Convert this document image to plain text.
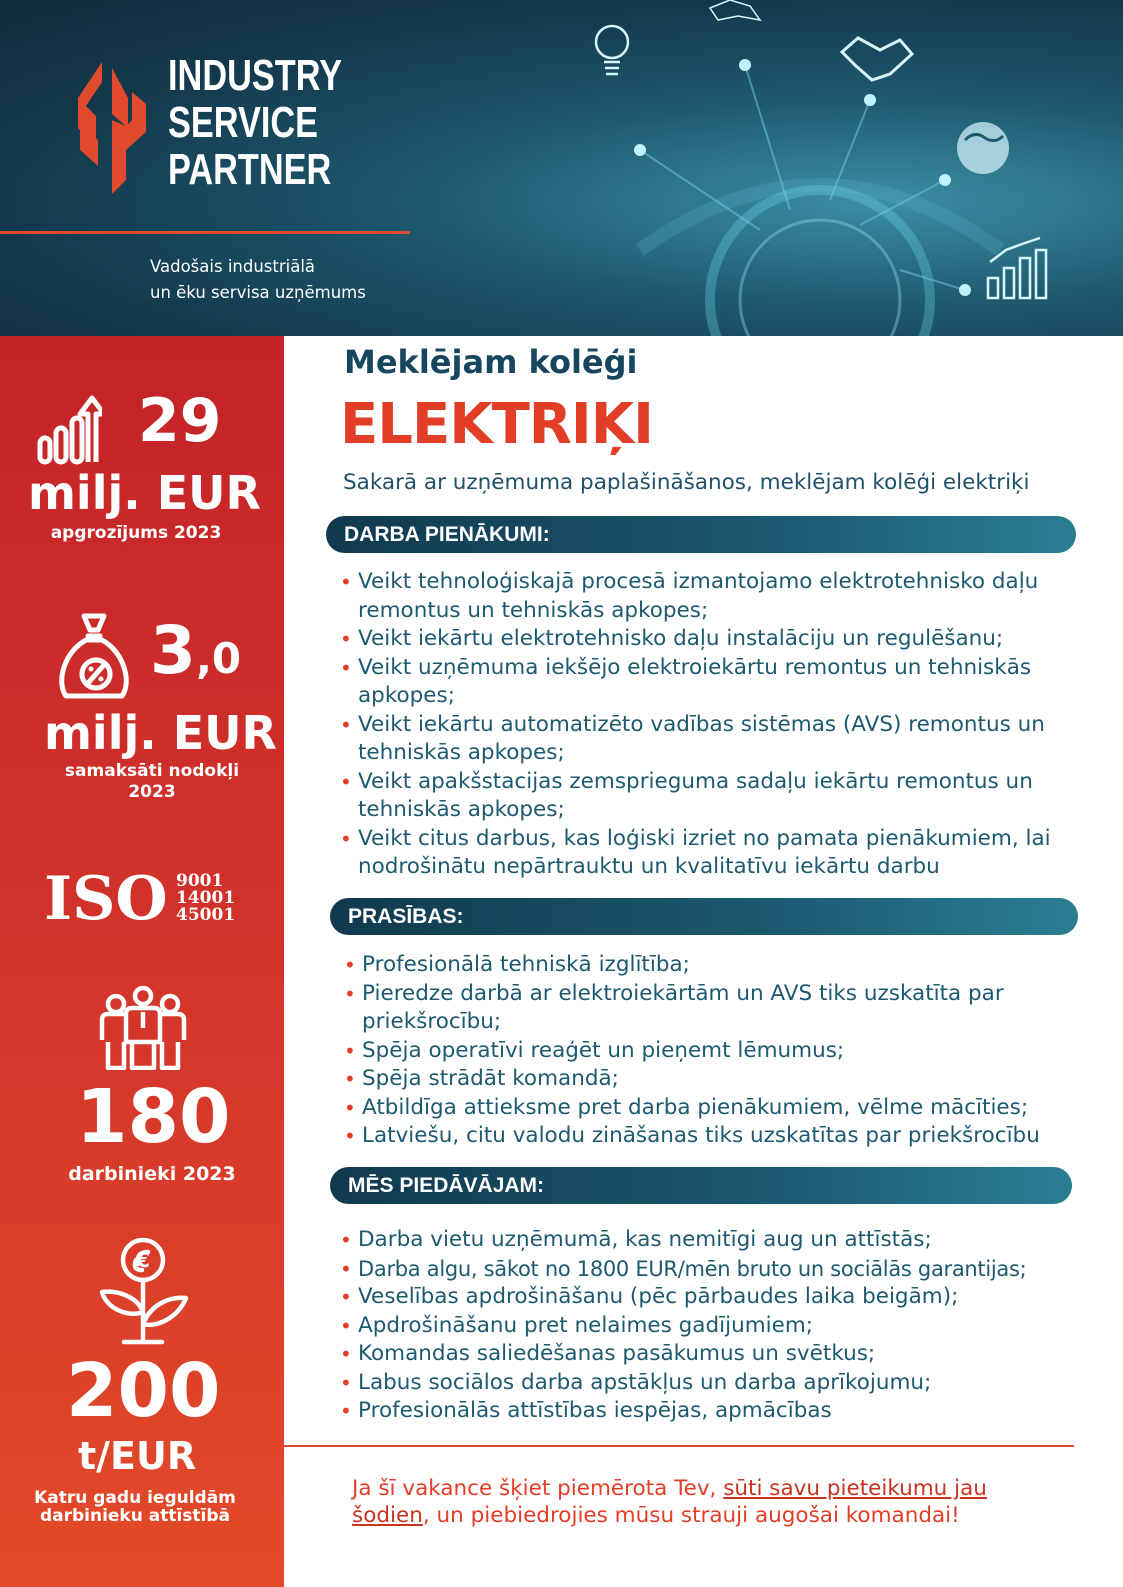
INDUSTRY
SERVICE
PARTNER
Vadošais industriālā
un ēku servisa uzņēmums
29
milj. EUR
apgrozījums 2023
3,0
milj. EUR
samaksāti nodokļi
2023
ISO 9001
14001
45001
180
darbinieki 2023
€
200
t/EUR
Katru gadu ieguldām
darbinieku attīstībā
Meklējam kolēģi
ELEKTRIĶI
Sakarā ar uzņēmuma paplašināšanos, meklējam kolēģi elektriķi
DARBA PIENĀKUMI:
• Veikt tehnoloģiskajā procesā izmantojamo elektrotehnisko daļu remontus un tehniskās apkopes;
• Veikt iekārtu elektrotehnisko daļu instalāciju un regulēšanu;
• Veikt uzņēmuma iekšējo elektroiekārtu remontus un tehniskās apkopes;
• Veikt iekārtu automatizēto vadības sistēmas (AVS) remontus un tehniskās apkopes;
• Veikt apakšstacijas zemsprieguma sadaļu iekārtu remontus un tehniskās apkopes;
• Veikt citus darbus, kas loģiski izriet no pamata pienākumiem, lai nodrošinātu nepārtrauktu un kvalitatīvu iekārtu darbu
PRASĪBAS:
• Profesionālā tehniskā izglītība;
• Pieredze darbā ar elektroiekārtām un AVS tiks uzskatīta par priekšrocību;
• Spēja operatīvi reaģēt un pieņemt lēmumus;
• Spēja strādāt komandā;
• Atbildīga attieksme pret darba pienākumiem, vēlme mācīties;
• Latviešu, citu valodu zināšanas tiks uzskatītas par priekšrocību
MĒS PIEDĀVĀJAM:
• Darba vietu uzņēmumā, kas nemitīgi aug un attīstās;
• Darba algu, sākot no 1800 EUR/mēn bruto un sociālās garantijas;
• Veselības apdrošināšanu (pēc pārbaudes laika beigām);
• Apdrošināšanu pret nelaimes gadījumiem;
• Komandas saliedēšanas pasākumus un svētkus;
• Labus sociālos darba apstākļus un darba aprīkojumu;
• Profesionālās attīstības iespējas, apmācības
Ja šī vakance šķiet piemērota Tev, sūti savu pieteikumu jau šodien, un piebiedrojies mūsu strauji augošai komandai!
